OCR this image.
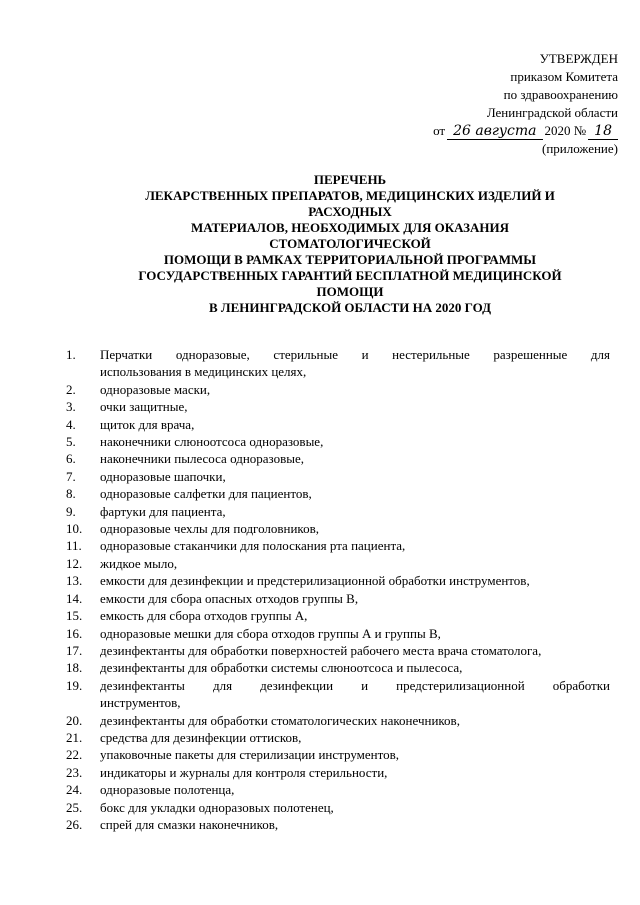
УТВЕРЖДЕН
приказом Комитета
по здравоохранению
Ленинградской области
от 26 августа 2020 № 18
(приложение)
ПЕРЕЧЕНЬ
ЛЕКАРСТВЕННЫХ ПРЕПАРАТОВ, МЕДИЦИНСКИХ ИЗДЕЛИЙ И
РАСХОДНЫХ
МАТЕРИАЛОВ, НЕОБХОДИМЫХ ДЛЯ ОКАЗАНИЯ
СТОМАТОЛОГИЧЕСКОЙ
ПОМОЩИ В РАМКАХ ТЕРРИТОРИАЛЬНОЙ ПРОГРАММЫ
ГОСУДАРСТВЕННЫХ ГАРАНТИЙ БЕСПЛАТНОЙ МЕДИЦИНСКОЙ
ПОМОЩИ
В ЛЕНИНГРАДСКОЙ ОБЛАСТИ НА 2020 ГОД
1.	Перчатки одноразовые, стерильные и нестерильные разрешенные для
использования в медицинских целях,
2.	одноразовые маски,
3.	очки защитные,
4.	щиток для врача,
5.	наконечники слюноотсоса одноразовые,
6.	наконечники пылесоса одноразовые,
7.	одноразовые шапочки,
8.	одноразовые салфетки для пациентов,
9.	фартуки для пациента,
10.	одноразовые чехлы для подголовников,
11.	одноразовые стаканчики для полоскания рта пациента,
12.	жидкое мыло,
13.	емкости для дезинфекции и предстерилизационной обработки инструментов,
14.	емкости для сбора опасных отходов группы В,
15.	емкость для сбора отходов группы А,
16.	одноразовые мешки для сбора отходов группы А и группы В,
17.	дезинфектанты для обработки поверхностей рабочего места врача стоматолога,
18.	дезинфектанты для обработки системы слюноотсоса и пылесоса,
19.	дезинфектанты для дезинфекции и предстерилизационной обработки
инструментов,
20.	дезинфектанты для обработки стоматологических наконечников,
21.	средства для дезинфекции оттисков,
22.	упаковочные пакеты для стерилизации инструментов,
23.	индикаторы и журналы для контроля стерильности,
24.	одноразовые полотенца,
25.	бокс для укладки одноразовых полотенец,
26.	спрей для смазки наконечников,
